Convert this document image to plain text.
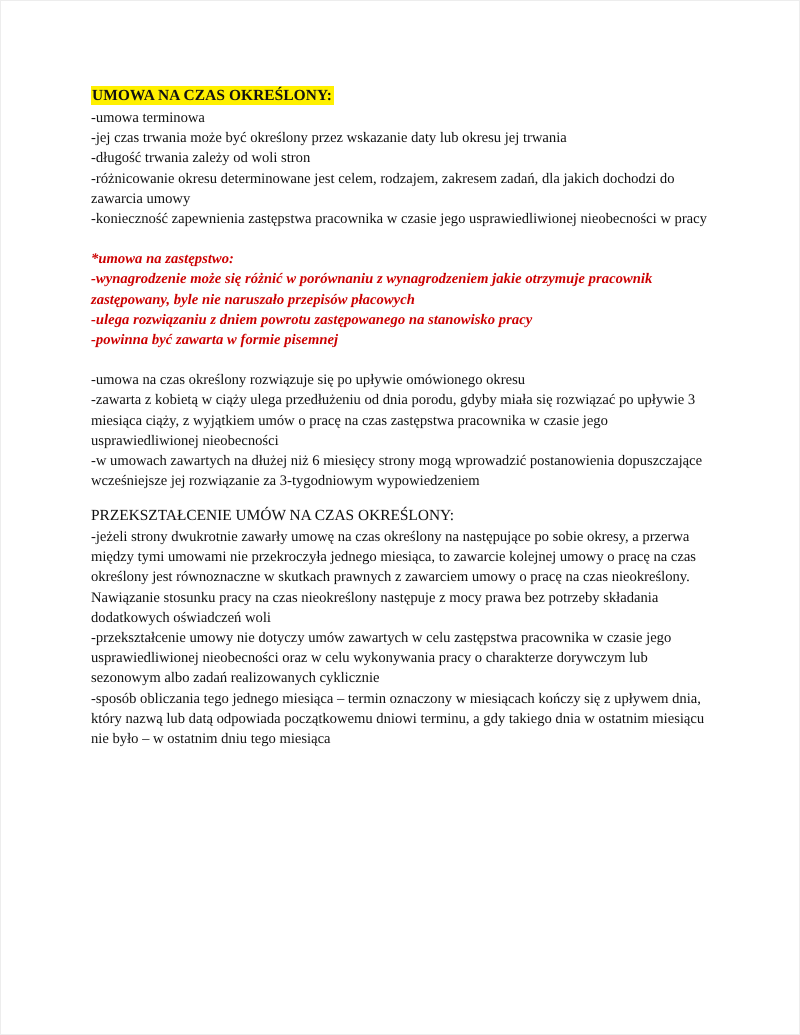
UMOWA NA CZAS OKREŚLONY:

-umowa terminowa

-jej czas trwania może być określony przez wskazanie daty lub okresu jej trwania

-długość trwania zależy od woli stron

-różnicowanie okresu determinowane jest celem, rodzajem, zakresem zadań, dla jakich dochodzi do zawarcia umowy

-konieczność zapewnienia zastępstwa pracownika w czasie jego usprawiedliwionej nieobecności w pracy

*umowa na zastępstwo:

-wynagrodzenie może się różnić w porównaniu z wynagrodzeniem jakie otrzymuje pracownik zastępowany, byle nie naruszało przepisów płacowych

-ulega rozwiązaniu z dniem powrotu zastępowanego na stanowisko pracy

-powinna być zawarta w formie pisemnej

-umowa na czas określony rozwiązuje się po upływie omówionego okresu

-zawarta z kobietą w ciąży ulega przedłużeniu od dnia porodu, gdyby miała się rozwiązać po upływie 3 miesiąca ciąży, z wyjątkiem umów o pracę na czas zastępstwa pracownika w czasie jego usprawiedliwionej nieobecności

-w umowach zawartych na dłużej niż 6 miesięcy strony mogą wprowadzić postanowienia dopuszczające wcześniejsze jej rozwiązanie za 3-tygodniowym wypowiedzeniem

PRZEKSZTAŁCENIE UMÓW NA CZAS OKREŚLONY:

-jeżeli strony dwukrotnie zawarły umowę na czas określony na następujące po sobie okresy, a przerwa między tymi umowami nie przekroczyła jednego miesiąca, to zawarcie kolejnej umowy o pracę na czas określony jest równoznaczne w skutkach prawnych z zawarciem umowy o pracę na czas nieokreślony. Nawiązanie stosunku pracy na czas nieokreślony następuje z mocy prawa bez potrzeby składania dodatkowych oświadczeń woli

-przekształcenie umowy nie dotyczy umów zawartych w celu zastępstwa pracownika w czasie jego usprawiedliwionej nieobecności oraz w celu wykonywania pracy o charakterze dorywczym lub sezonowym albo zadań realizowanych cyklicznie

-sposób obliczania tego jednego miesiąca – termin oznaczony w miesiącach kończy się z upływem dnia, który nazwą lub datą odpowiada początkowemu dniowi terminu, a gdy takiego dnia w ostatnim miesiącu nie było – w ostatnim dniu tego miesiąca
